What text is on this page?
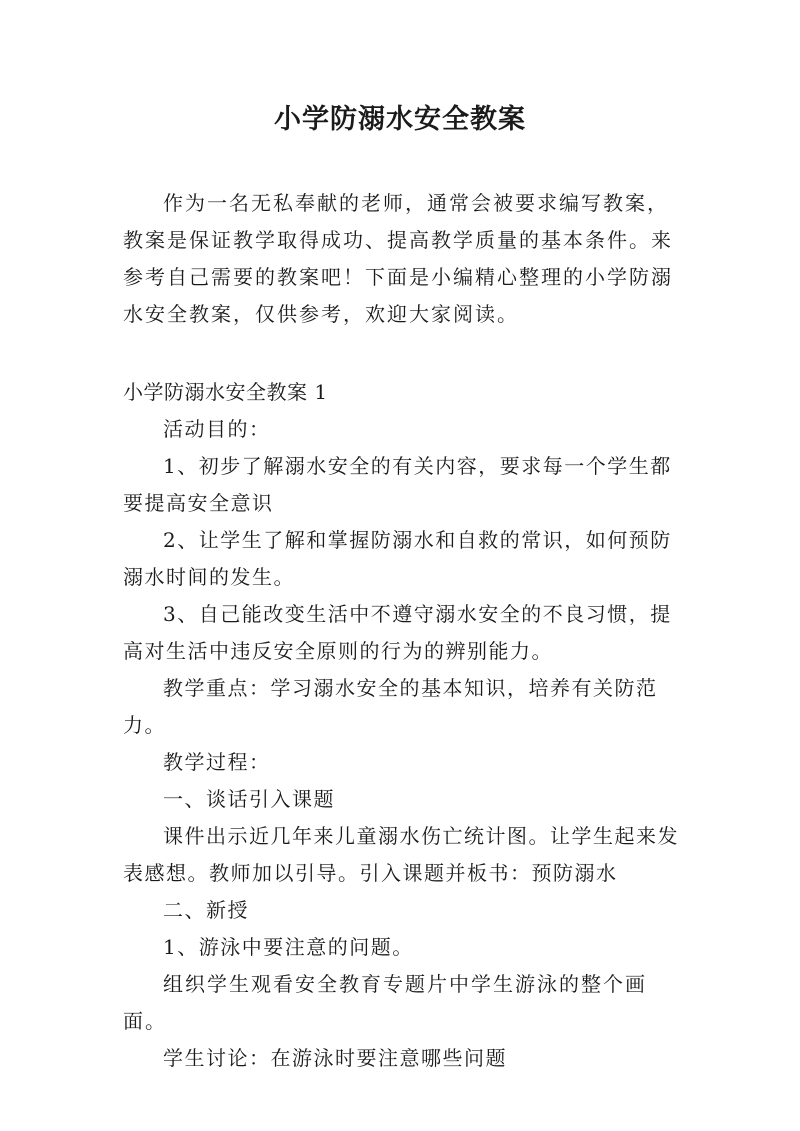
小学防溺水安全教案

作为一名无私奉献的老师，通常会被要求编写教案，教案是保证教学取得成功、提高教学质量的基本条件。来参考自己需要的教案吧！下面是小编精心整理的小学防溺水安全教案，仅供参考，欢迎大家阅读。

小学防溺水安全教案 1

活动目的：

1、初步了解溺水安全的有关内容，要求每一个学生都要提高安全意识

2、让学生了解和掌握防溺水和自救的常识，如何预防溺水时间的发生。

3、自己能改变生活中不遵守溺水安全的不良习惯，提高对生活中违反安全原则的行为的辨别能力。

教学重点：学习溺水安全的基本知识，培养有关防范力。

教学过程：

一、谈话引入课题

课件出示近几年来儿童溺水伤亡统计图。让学生起来发表感想。教师加以引导。引入课题并板书：预防溺水

二、新授

1、游泳中要注意的问题。

组织学生观看安全教育专题片中学生游泳的整个画面。

学生讨论：在游泳时要注意哪些问题
